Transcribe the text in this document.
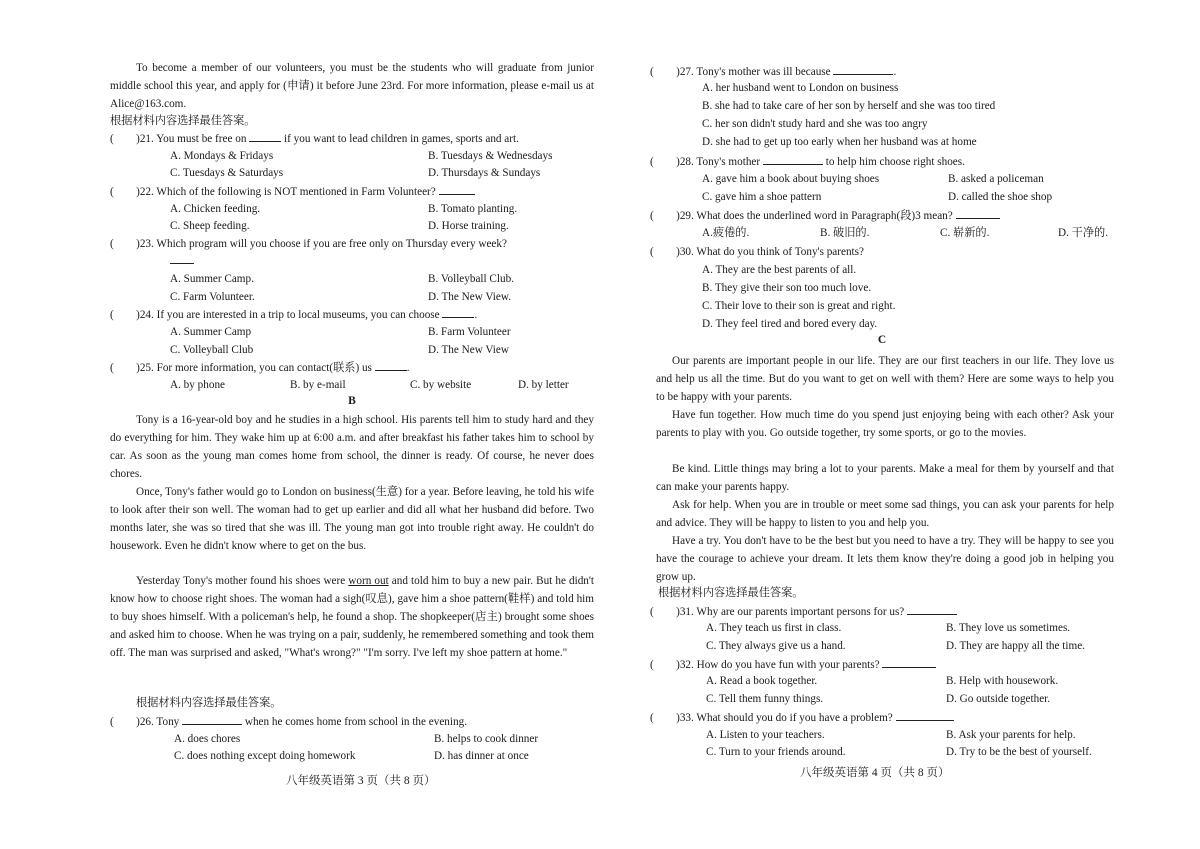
To become a member of our volunteers, you must be the students who will graduate from junior middle school this year, and apply for (申请) it before June 23rd. For more information, please e-mail us at Alice@163.com.
根据材料内容选择最佳答案。
(　　)21. You must be free on	if you want to lead children in games, sports and art.
A. Mondays & Fridays	B. Tuesdays & Wednesdays
C. Tuesdays & Saturdays	D. Thursdays & Sundays
(　　)22. Which of the following is NOT mentioned in Farm Volunteer?
A. Chicken feeding.	B. Tomato planting.
C. Sheep feeding.	D. Horse training.
(　　)23. Which program will you choose if you are free only on Thursday every week?
A. Summer Camp.	B. Volleyball Club.
C. Farm Volunteer.	D. The New View.
(　　)24. If you are interested in a trip to local museums, you can choose	.
A. Summer Camp	B. Farm Volunteer
C. Volleyball Club	D. The New View
(　　)25. For more information, you can contact(联系) us	.
A. by phone	B. by e-mail	C. by website	D. by letter
B
Tony is a 16-year-old boy and he studies in a high school. His parents tell him to study hard and they do everything for him. They wake him up at 6:00 a.m. and after breakfast his father takes him to school by car. As soon as the young man comes home from school, the dinner is ready. Of course, he never does chores.
Once, Tony's father would go to London on business(生意) for a year. Before leaving, he told his wife to look after their son well. The woman had to get up earlier and did all what her husband did before. Two months later, she was so tired that she was ill. The young man got into trouble right away. He couldn't do housework. Even he didn't know where to get on the bus.
Yesterday Tony's mother found his shoes were worn out and told him to buy a new pair. But he didn't know how to choose right shoes. The woman had a sigh(叹息), gave him a shoe pattern(鞋样) and told him to buy shoes himself. With a policeman's help, he found a shop. The shopkeeper(店主) brought some shoes and asked him to choose. When he was trying on a pair, suddenly, he remembered something and took them off. The man was surprised and asked, "What's wrong?" "I'm sorry. I've left my shoe pattern at home."
根据材料内容选择最佳答案。
(　　)26. Tony	when he comes home from school in the evening.
A. does chores	B. helps to cook dinner
C. does nothing except doing homework	D. has dinner at once
八年级英语第 3 页（共 8 页）
(　　)27. Tony's mother was ill because	.
A. her husband went to London on business
B. she had to take care of her son by herself and she was too tired
C. her son didn't study hard and she was too angry
D. she had to get up too early when her husband was at home
(　　)28. Tony's mother	to help him choose right shoes.
A. gave him a book about buying shoes	B. asked a policeman
C. gave him a shoe pattern	D. called the shoe shop
(　　)29. What does the underlined word in Paragraph(段)3 mean?
A.疲倦的.	B. 破旧的.	C. 崭新的.	D. 干净的.
(　　)30. What do you think of Tony's parents?
A. They are the best parents of all.
B. They give their son too much love.
C. Their love to their son is great and right.
D. They feel tired and bored every day.
C
Our parents are important people in our life. They are our first teachers in our life. They love us and help us all the time. But do you want to get on well with them? Here are some ways to help you to be happy with your parents.
Have fun together. How much time do you spend just enjoying being with each other? Ask your parents to play with you. Go outside together, try some sports, or go to the movies.
Be kind. Little things may bring a lot to your parents. Make a meal for them by yourself and that can make your parents happy.
Ask for help. When you are in trouble or meet some sad things, you can ask your parents for help and advice. They will be happy to listen to you and help you.
Have a try. You don't have to be the best but you need to have a try. They will be happy to see you have the courage to achieve your dream. It lets them know they're doing a good job in helping you grow up.
根据材料内容选择最佳答案。
(　　)31. Why are our parents important persons for us?
A. They teach us first in class.	B. They love us sometimes.
C. They always give us a hand.	D. They are happy all the time.
(　　)32. How do you have fun with your parents?
A. Read a book together.	B. Help with housework.
C. Tell them funny things.	D. Go outside together.
(　　)33. What should you do if you have a problem?
A. Listen to your teachers.	B. Ask your parents for help.
C. Turn to your friends around.	D. Try to be the best of yourself.
八年级英语第 4 页（共 8 页）
